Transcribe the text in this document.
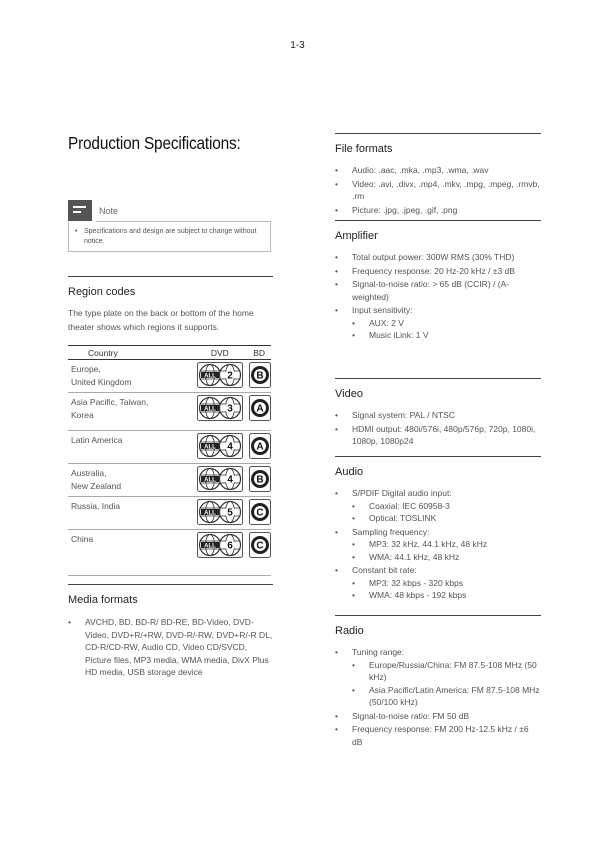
1-3
Production Specifications:
Note
• Specifications and design are subject to change without notice.
Region codes
The type plate on the back or bottom of the home theater shows which regions it supports.
Country	DVD	BD
Europe,
United Kingdom	ALL 2	B

Asia Pacific, Taiwan,
Korea	ALL 3	A

Latin America	ALL 4	A

Australia,
New Zealand	ALL 4	B

Russia, India	ALL 5	C

China	ALL 6	C
Media formats
•	AVCHD, BD, BD-R/ BD-RE, BD-Video, DVD-Video, DVD+R/+RW, DVD-R/-RW, DVD+R/-R DL, CD-R/CD-RW, Audio CD, Video CD/SVCD, Picture files, MP3 media, WMA media, DivX Plus HD media, USB storage device
File formats
•	Audio: .aac, .mka, .mp3, .wma, .wav
•	Video: .avi, .divx, .mp4, .mkv, .mpg, .mpeg, .rmvb, .rm
•	Picture: .jpg, .jpeg, .gif, .png
Amplifier
•	Total output power: 300W RMS (30% THD)
•	Frequency response: 20 Hz-20 kHz / ±3 dB
•	Signal-to-noise ratio: > 65 dB (CCIR) / (A-weighted)
•	Input sensitivity:
•	AUX: 2 V
•	Music iLink: 1 V
Video
•	Signal system: PAL / NTSC
•	HDMI output: 480i/576i, 480p/576p, 720p, 1080i, 1080p, 1080p24
Audio
•	S/PDIF Digital audio input:
•	Coaxial: IEC 60958-3
•	Optical: TOSLINK
•	Sampling frequency:
•	MP3: 32 kHz, 44.1 kHz, 48 kHz
•	WMA: 44.1 kHz, 48 kHz
•	Constant bit rate:
•	MP3: 32 kbps - 320 kbps
•	WMA: 48 kbps - 192 kbps
Radio
•	Tuning range:
•	Europe/Russia/China: FM 87.5-108 MHz (50 kHz)
•	Asia Pacific/Latin America: FM 87.5-108 MHz (50/100 kHz)
•	Signal-to-noise ratio: FM 50 dB
•	Frequency response: FM 200 Hz-12.5 kHz / ±6 dB
